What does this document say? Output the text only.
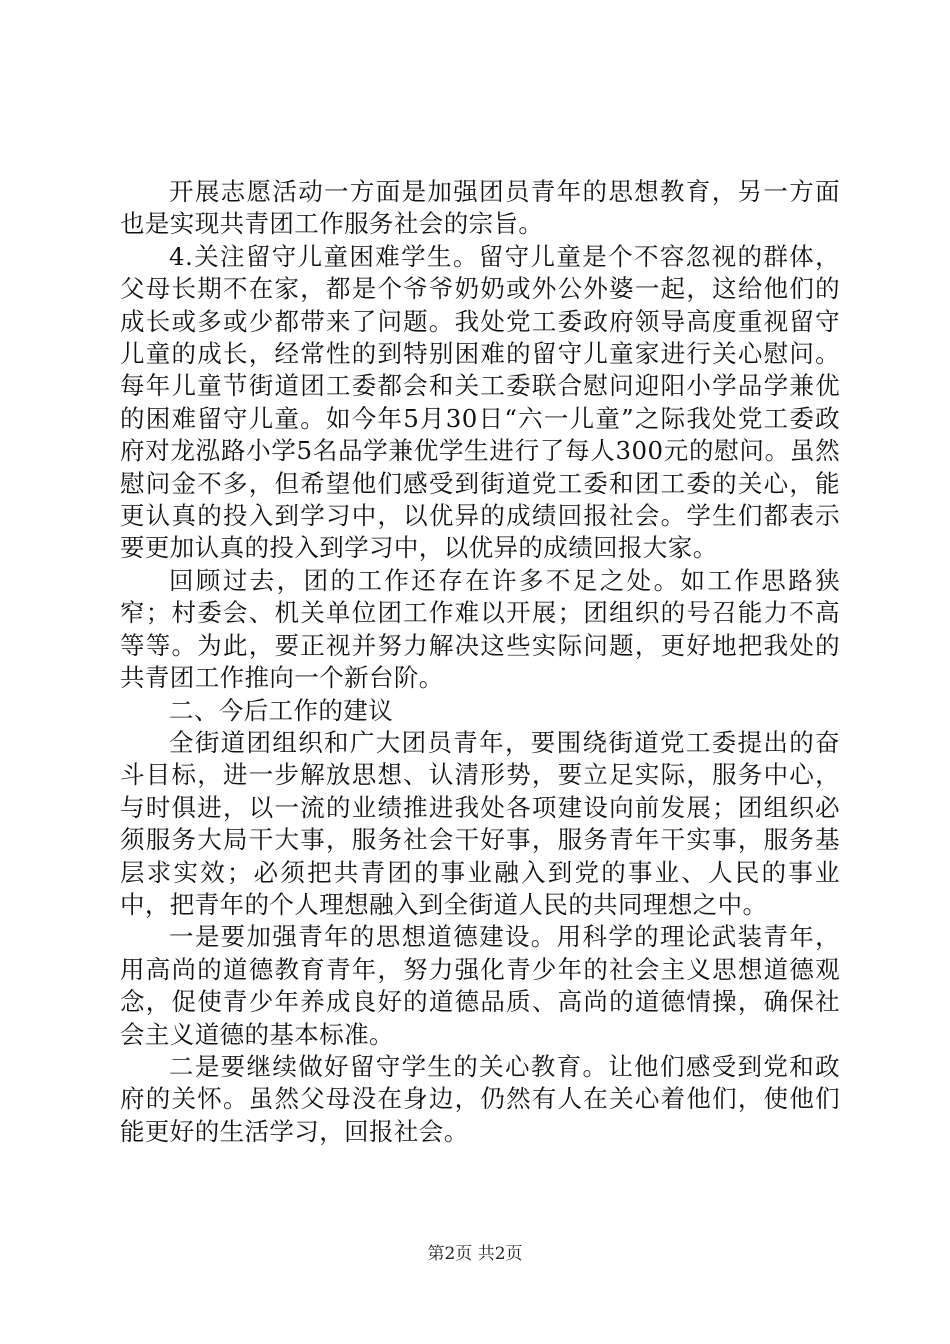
开展志愿活动一方面是加强团员青年的思想教育，另一方面也是实现共青团工作服务社会的宗旨。

4.关注留守儿童困难学生。留守儿童是个不容忽视的群体，父母长期不在家，都是个爷爷奶奶或外公外婆一起，这给他们的成长或多或少都带来了问题。我处党工委政府领导高度重视留守儿童的成长，经常性的到特别困难的留守儿童家进行关心慰问。每年儿童节街道团工委都会和关工委联合慰问迎阳小学品学兼优的困难留守儿童。如今年5月30日“六一儿童”之际我处党工委政府对龙泓路小学5名品学兼优学生进行了每人300元的慰问。虽然慰问金不多，但希望他们感受到街道党工委和团工委的关心，能更认真的投入到学习中，以优异的成绩回报社会。学生们都表示要更加认真的投入到学习中，以优异的成绩回报大家。

回顾过去，团的工作还存在许多不足之处。如工作思路狭窄；村委会、机关单位团工作难以开展；团组织的号召能力不高等等。为此，要正视并努力解决这些实际问题，更好地把我处的共青团工作推向一个新台阶。

二、今后工作的建议

全街道团组织和广大团员青年，要围绕街道党工委提出的奋斗目标，进一步解放思想、认清形势，要立足实际，服务中心，与时俱进，以一流的业绩推进我处各项建设向前发展；团组织必须服务大局干大事，服务社会干好事，服务青年干实事，服务基层求实效；必须把共青团的事业融入到党的事业、人民的事业中，把青年的个人理想融入到全街道人民的共同理想之中。

一是要加强青年的思想道德建设。用科学的理论武装青年，用高尚的道德教育青年，努力强化青少年的社会主义思想道德观念，促使青少年养成良好的道德品质、高尚的道德情操，确保社会主义道德的基本标准。

二是要继续做好留守学生的关心教育。让他们感受到党和政府的关怀。虽然父母没在身边，仍然有人在关心着他们，使他们能更好的生活学习，回报社会。

第2页 共2页
